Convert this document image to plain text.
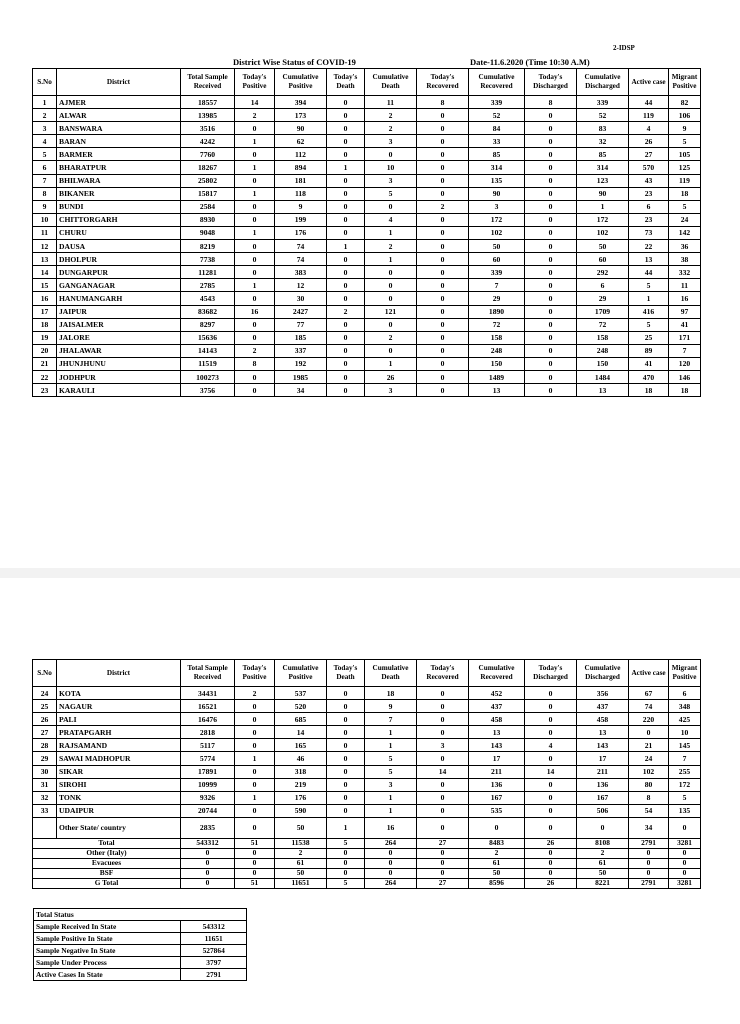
2-IDSP
District Wise Status of COVID-19	Date-11.6.2020 (Time 10:30 A.M)
S.No	District	Total Sample Received	Today's Positive	Cumulative Positive	Today's Death	Cumulative Death	Today's Recovered	Cumulative Recovered	Today's Discharged	Cumulative Discharged	Active case	Migrant Positive
1	AJMER	18557	14	394	0	11	8	339	8	339	44	82
2	ALWAR	13985	2	173	0	2	0	52	0	52	119	106
3	BANSWARA	3516	0	90	0	2	0	84	0	83	4	9
4	BARAN	4242	1	62	0	3	0	33	0	32	26	5
5	BARMER	7760	0	112	0	0	0	85	0	85	27	105
6	BHARATPUR	18267	1	894	1	10	0	314	0	314	570	125
7	BHILWARA	25802	0	181	0	3	0	135	0	123	43	119
8	BIKANER	15817	1	118	0	5	0	90	0	90	23	18
9	BUNDI	2584	0	9	0	0	2	3	0	1	6	5
10	CHITTORGARH	8930	0	199	0	4	0	172	0	172	23	24
11	CHURU	9048	1	176	0	1	0	102	0	102	73	142
12	DAUSA	8219	0	74	1	2	0	50	0	50	22	36
13	DHOLPUR	7738	0	74	0	1	0	60	0	60	13	38
14	DUNGARPUR	11281	0	383	0	0	0	339	0	292	44	332
15	GANGANAGAR	2785	1	12	0	0	0	7	0	6	5	11
16	HANUMANGARH	4543	0	30	0	0	0	29	0	29	1	16
17	JAIPUR	83682	16	2427	2	121	0	1890	0	1709	416	97
18	JAISALMER	8297	0	77	0	0	0	72	0	72	5	41
19	JALORE	15636	0	185	0	2	0	158	0	158	25	171
20	JHALAWAR	14143	2	337	0	0	0	248	0	248	89	7
21	JHUNJHUNU	11519	8	192	0	1	0	150	0	150	41	120
22	JODHPUR	100273	0	1985	0	26	0	1489	0	1484	470	146
23	KARAULI	3756	0	34	0	3	0	13	0	13	18	18
S.No	District	Total Sample Received	Today's Positive	Cumulative Positive	Today's Death	Cumulative Death	Today's Recovered	Cumulative Recovered	Today's Discharged	Cumulative Discharged	Active case	Migrant Positive
24	KOTA	34431	2	537	0	18	0	452	0	356	67	6
25	NAGAUR	16521	0	520	0	9	0	437	0	437	74	348
26	PALI	16476	0	685	0	7	0	458	0	458	220	425
27	PRATAPGARH	2818	0	14	0	1	0	13	0	13	0	10
28	RAJSAMAND	5117	0	165	0	1	3	143	4	143	21	145
29	SAWAI MADHOPUR	5774	1	46	0	5	0	17	0	17	24	7
30	SIKAR	17891	0	318	0	5	14	211	14	211	102	255
31	SIROHI	10999	0	219	0	3	0	136	0	136	80	172
32	TONK	9326	1	176	0	1	0	167	0	167	8	5
33	UDAIPUR	20744	0	590	0	1	0	535	0	506	54	135
	Other State/ country	2835	0	50	1	16	0	0	0	0	34	0
Total		543312	51	11538	5	264	27	8483	26	8108	2791	3281
Other (Italy)		0	0	2	0	0	0	2	0	2	0	0
Evacuees		0	0	61	0	0	0	61	0	61	0	0
BSF		0	0	50	0	0	0	50	0	50	0	0
G Total		0	51	11651	5	264	27	8596	26	8221	2791	3281
Total Status	
Sample Received In State	543312
Sample Positive In State	11651
Sample Negative In State	527864
Sample Under Process	3797
Active Cases In State	2791
